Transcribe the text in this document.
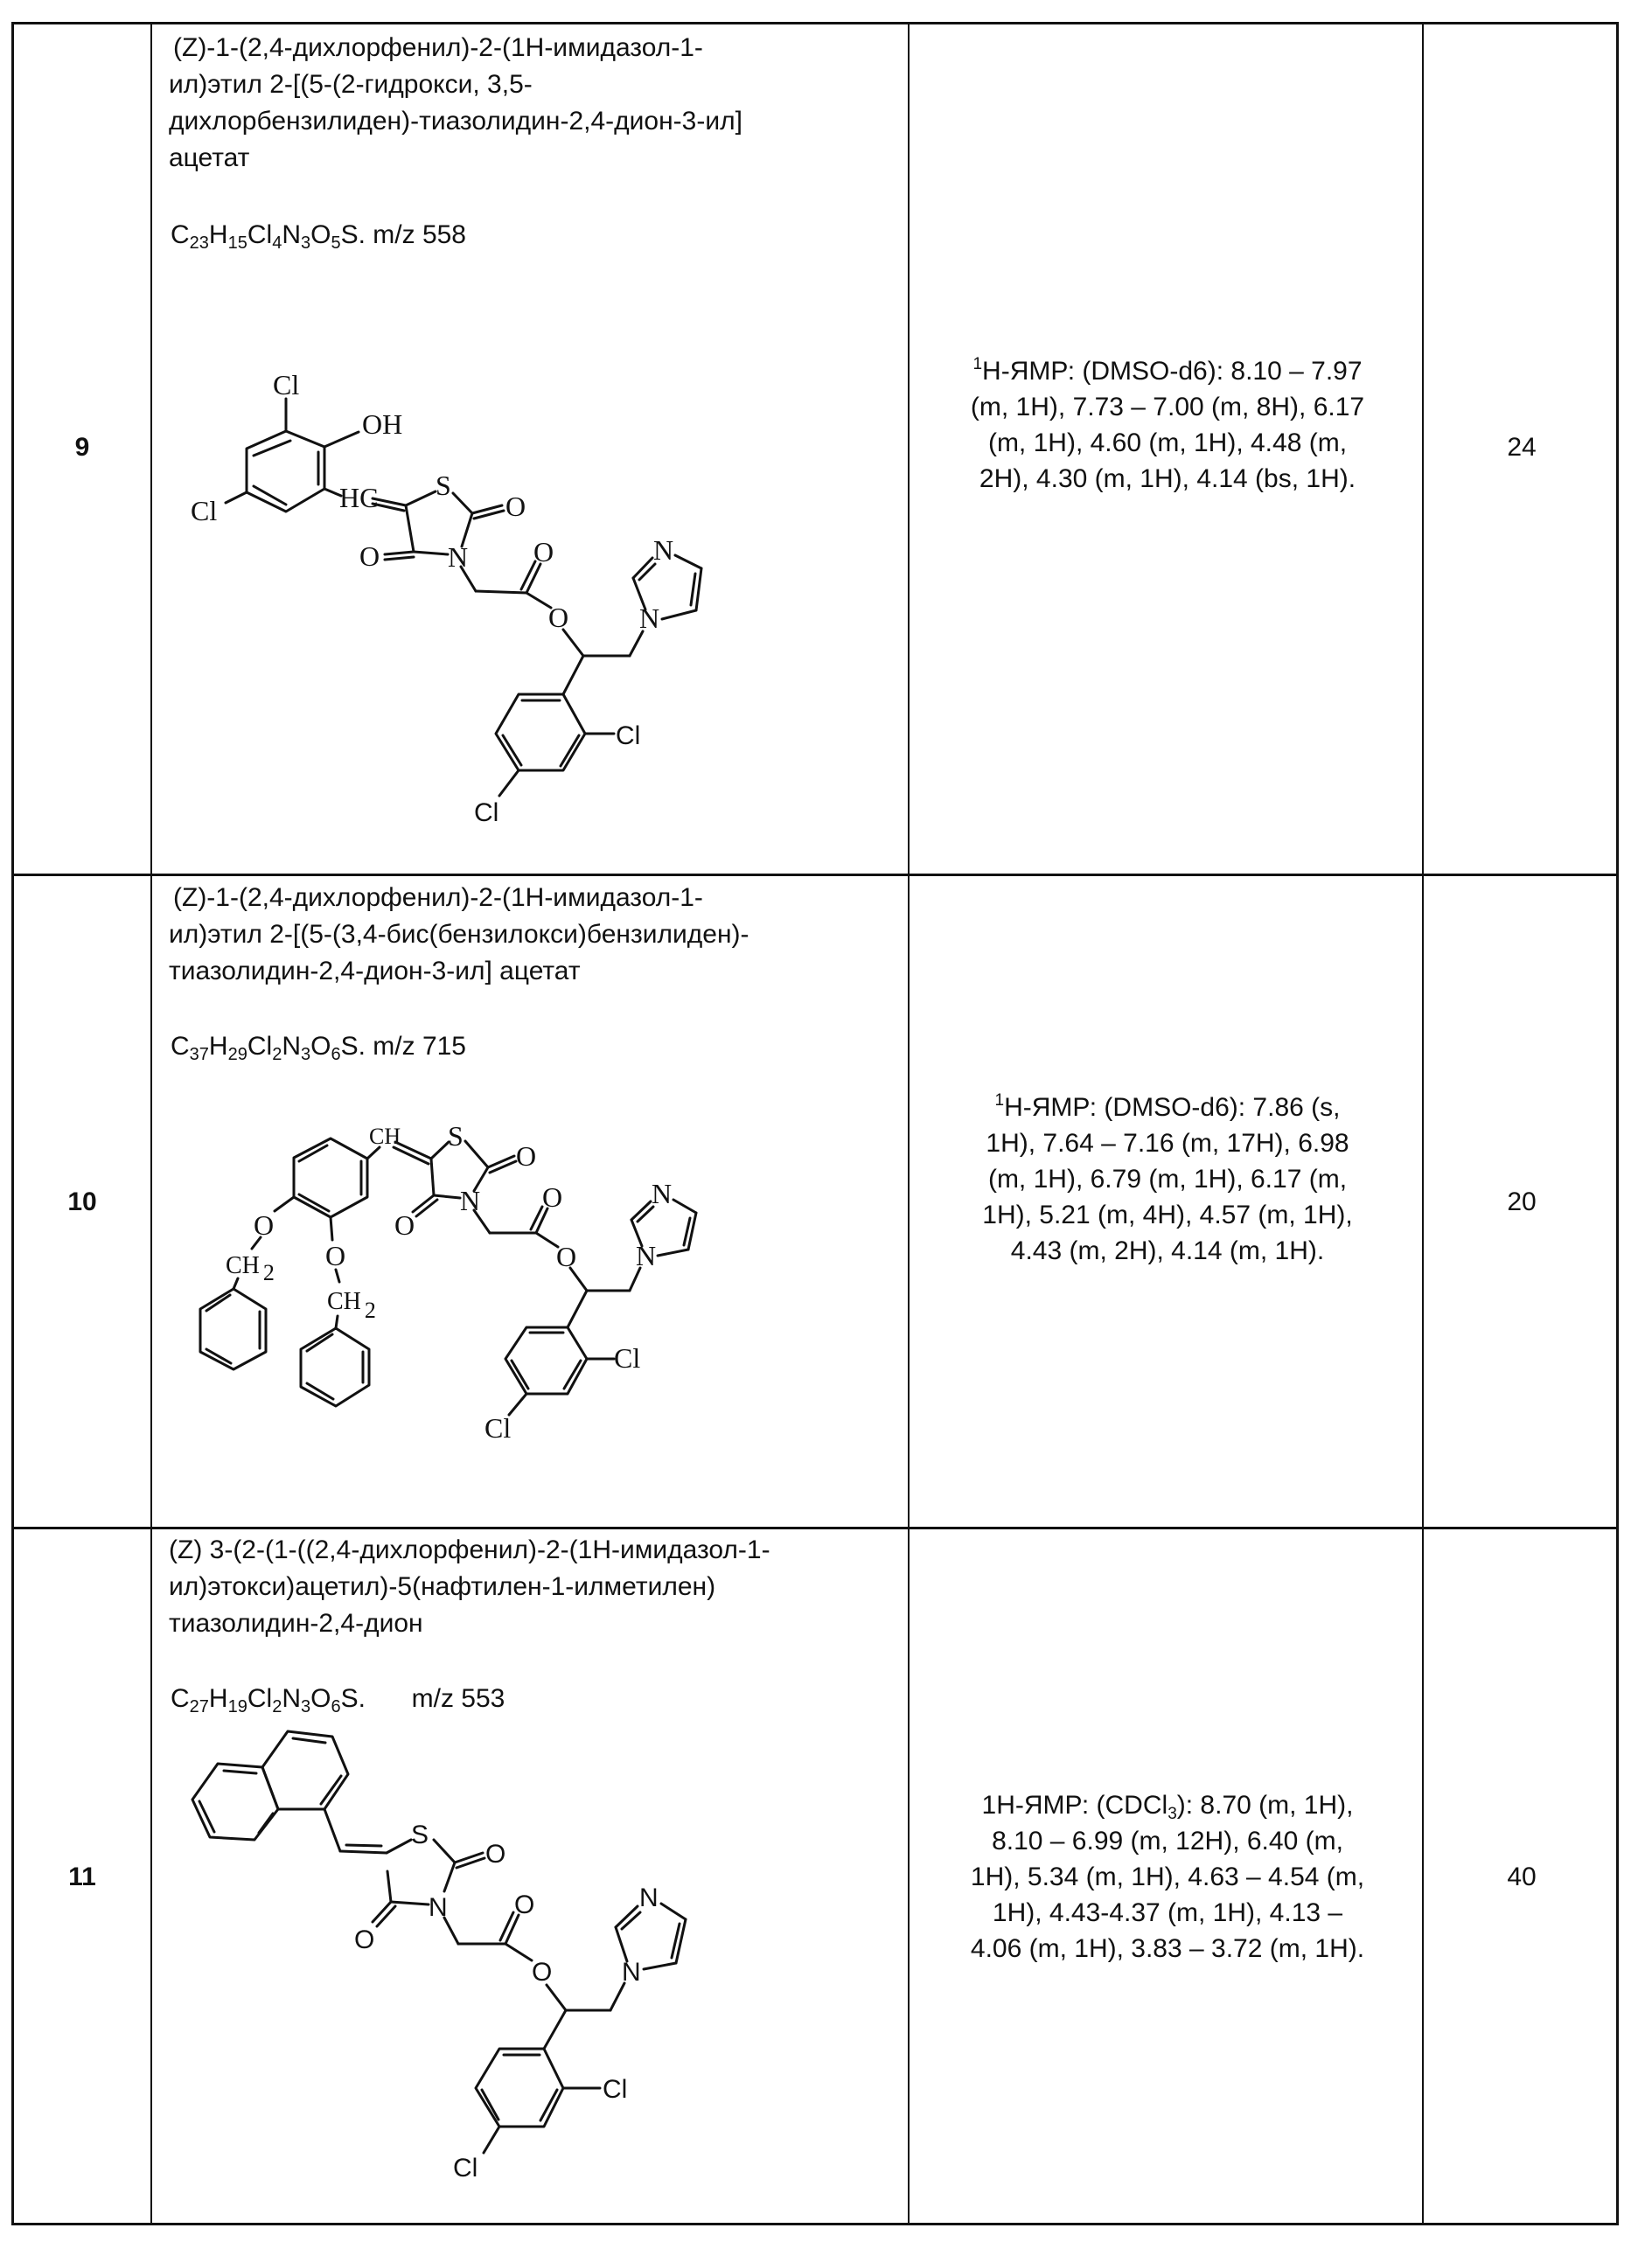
9
(Z)-1-(2,4-дихлорфенил)-2-(1H-имидазол-1-
ил)этил 2-[(5-(2-гидрокси, 3,5-
дихлорбензилиден)-тиазолидин-2,4-дион-3-ил]
ацетат
C23H15Cl4N3O5S. m/z 558
1H-ЯМР: (DMSO-d6): 8.10 – 7.97
(m, 1H), 7.73 – 7.00 (m, 8H), 6.17
(m, 1H), 4.60 (m, 1H), 4.48 (m,
2H), 4.30 (m, 1H), 4.14 (bs, 1H).
24
10
(Z)-1-(2,4-дихлорфенил)-2-(1H-имидазол-1-
ил)этил 2-[(5-(3,4-бис(бензилокси)бензилиден)-
тиазолидин-2,4-дион-3-ил] ацетат
C37H29Cl2N3O6S. m/z 715
1H-ЯМР: (DMSO-d6): 7.86 (s,
1H), 7.64 – 7.16 (m, 17H), 6.98
(m, 1H), 6.79 (m, 1H), 6.17 (m,
1H), 5.21 (m, 4H), 4.57 (m, 1H),
4.43 (m, 2H), 4.14 (m, 1H).
20
11
(Z) 3-(2-(1-((2,4-дихлорфенил)-2-(1H-имидазол-1-
ил)этокси)ацетил)-5(нафтилен-1-илметилен)
тиазолидин-2,4-дион
C27H19Cl2N3O6S. m/z 553
1H-ЯМР: (CDCl3): 8.70 (m, 1H),
8.10 – 6.99 (m, 12H), 6.40 (m,
1H), 5.34 (m, 1H), 4.63 – 4.54 (m,
1H), 4.43-4.37 (m, 1H), 4.13 –
4.06 (m, 1H), 3.83 – 3.72 (m, 1H).
40
Cl
OH
Cl	HC S
O
N
O	O
O	N
N
Cl
Cl
CH S
O
N
O
O
O N
N
Cl
Cl
O
CH 2
O
CH 2
S
O
N
O
O
O	N
N
Cl
Cl
